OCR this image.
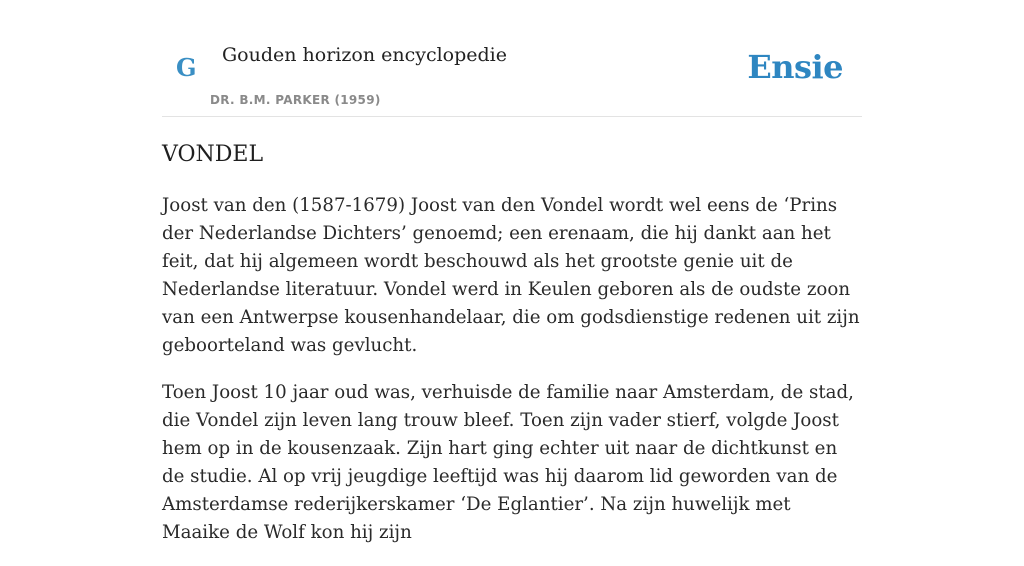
G Gouden horizon encyclopedie
DR. B.M. PARKER (1959)
Ensie
VONDEL

Joost van den (1587-1679) Joost van den Vondel wordt wel eens de ‘Prins der Nederlandse Dichters’ genoemd; een erenaam, die hij dankt aan het feit, dat hij algemeen wordt beschouwd als het grootste genie uit de Nederlandse literatuur. Vondel werd in Keulen geboren als de oudste zoon van een Antwerpse kousenhandelaar, die om godsdienstige redenen uit zijn geboorteland was gevlucht.

Toen Joost 10 jaar oud was, verhuisde de familie naar Amsterdam, de stad, die Vondel zijn leven lang trouw bleef. Toen zijn vader stierf, volgde Joost hem op in de kousenzaak. Zijn hart ging echter uit naar de dichtkunst en de studie. Al op vrij jeugdige leeftijd was hij daarom lid geworden van de Amsterdamse rederijkerskamer ‘De Eglantier’. Na zijn huwelijk met Maaike de Wolf kon hij zijn
